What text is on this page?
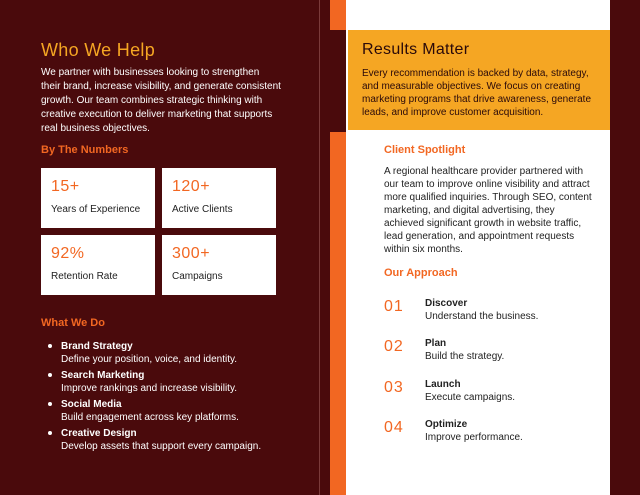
Who We Help
We partner with businesses looking to strengthen their brand, increase visibility, and generate consistent growth. Our team combines strategic thinking with creative execution to deliver marketing that supports real business objectives.
By The Numbers
15+
Years of Experience
120+
Active Clients
92%
Retention Rate
300+
Campaigns
What We Do
Brand Strategy
Define your position, voice, and identity.
Search Marketing
Improve rankings and increase visibility.
Social Media
Build engagement across key platforms.
Creative Design
Develop assets that support every campaign.
Results Matter
Every recommendation is backed by data, strategy, and measurable objectives. We focus on creating marketing programs that drive awareness, generate leads, and improve customer acquisition.
Client Spotlight
A regional healthcare provider partnered with our team to improve online visibility and attract more qualified inquiries. Through SEO, content marketing, and digital advertising, they achieved significant growth in website traffic, lead generation, and appointment requests within six months.
Our Approach
01 Discover
Understand the business.
02 Plan
Build the strategy.
03 Launch
Execute campaigns.
04 Optimize
Improve performance.
